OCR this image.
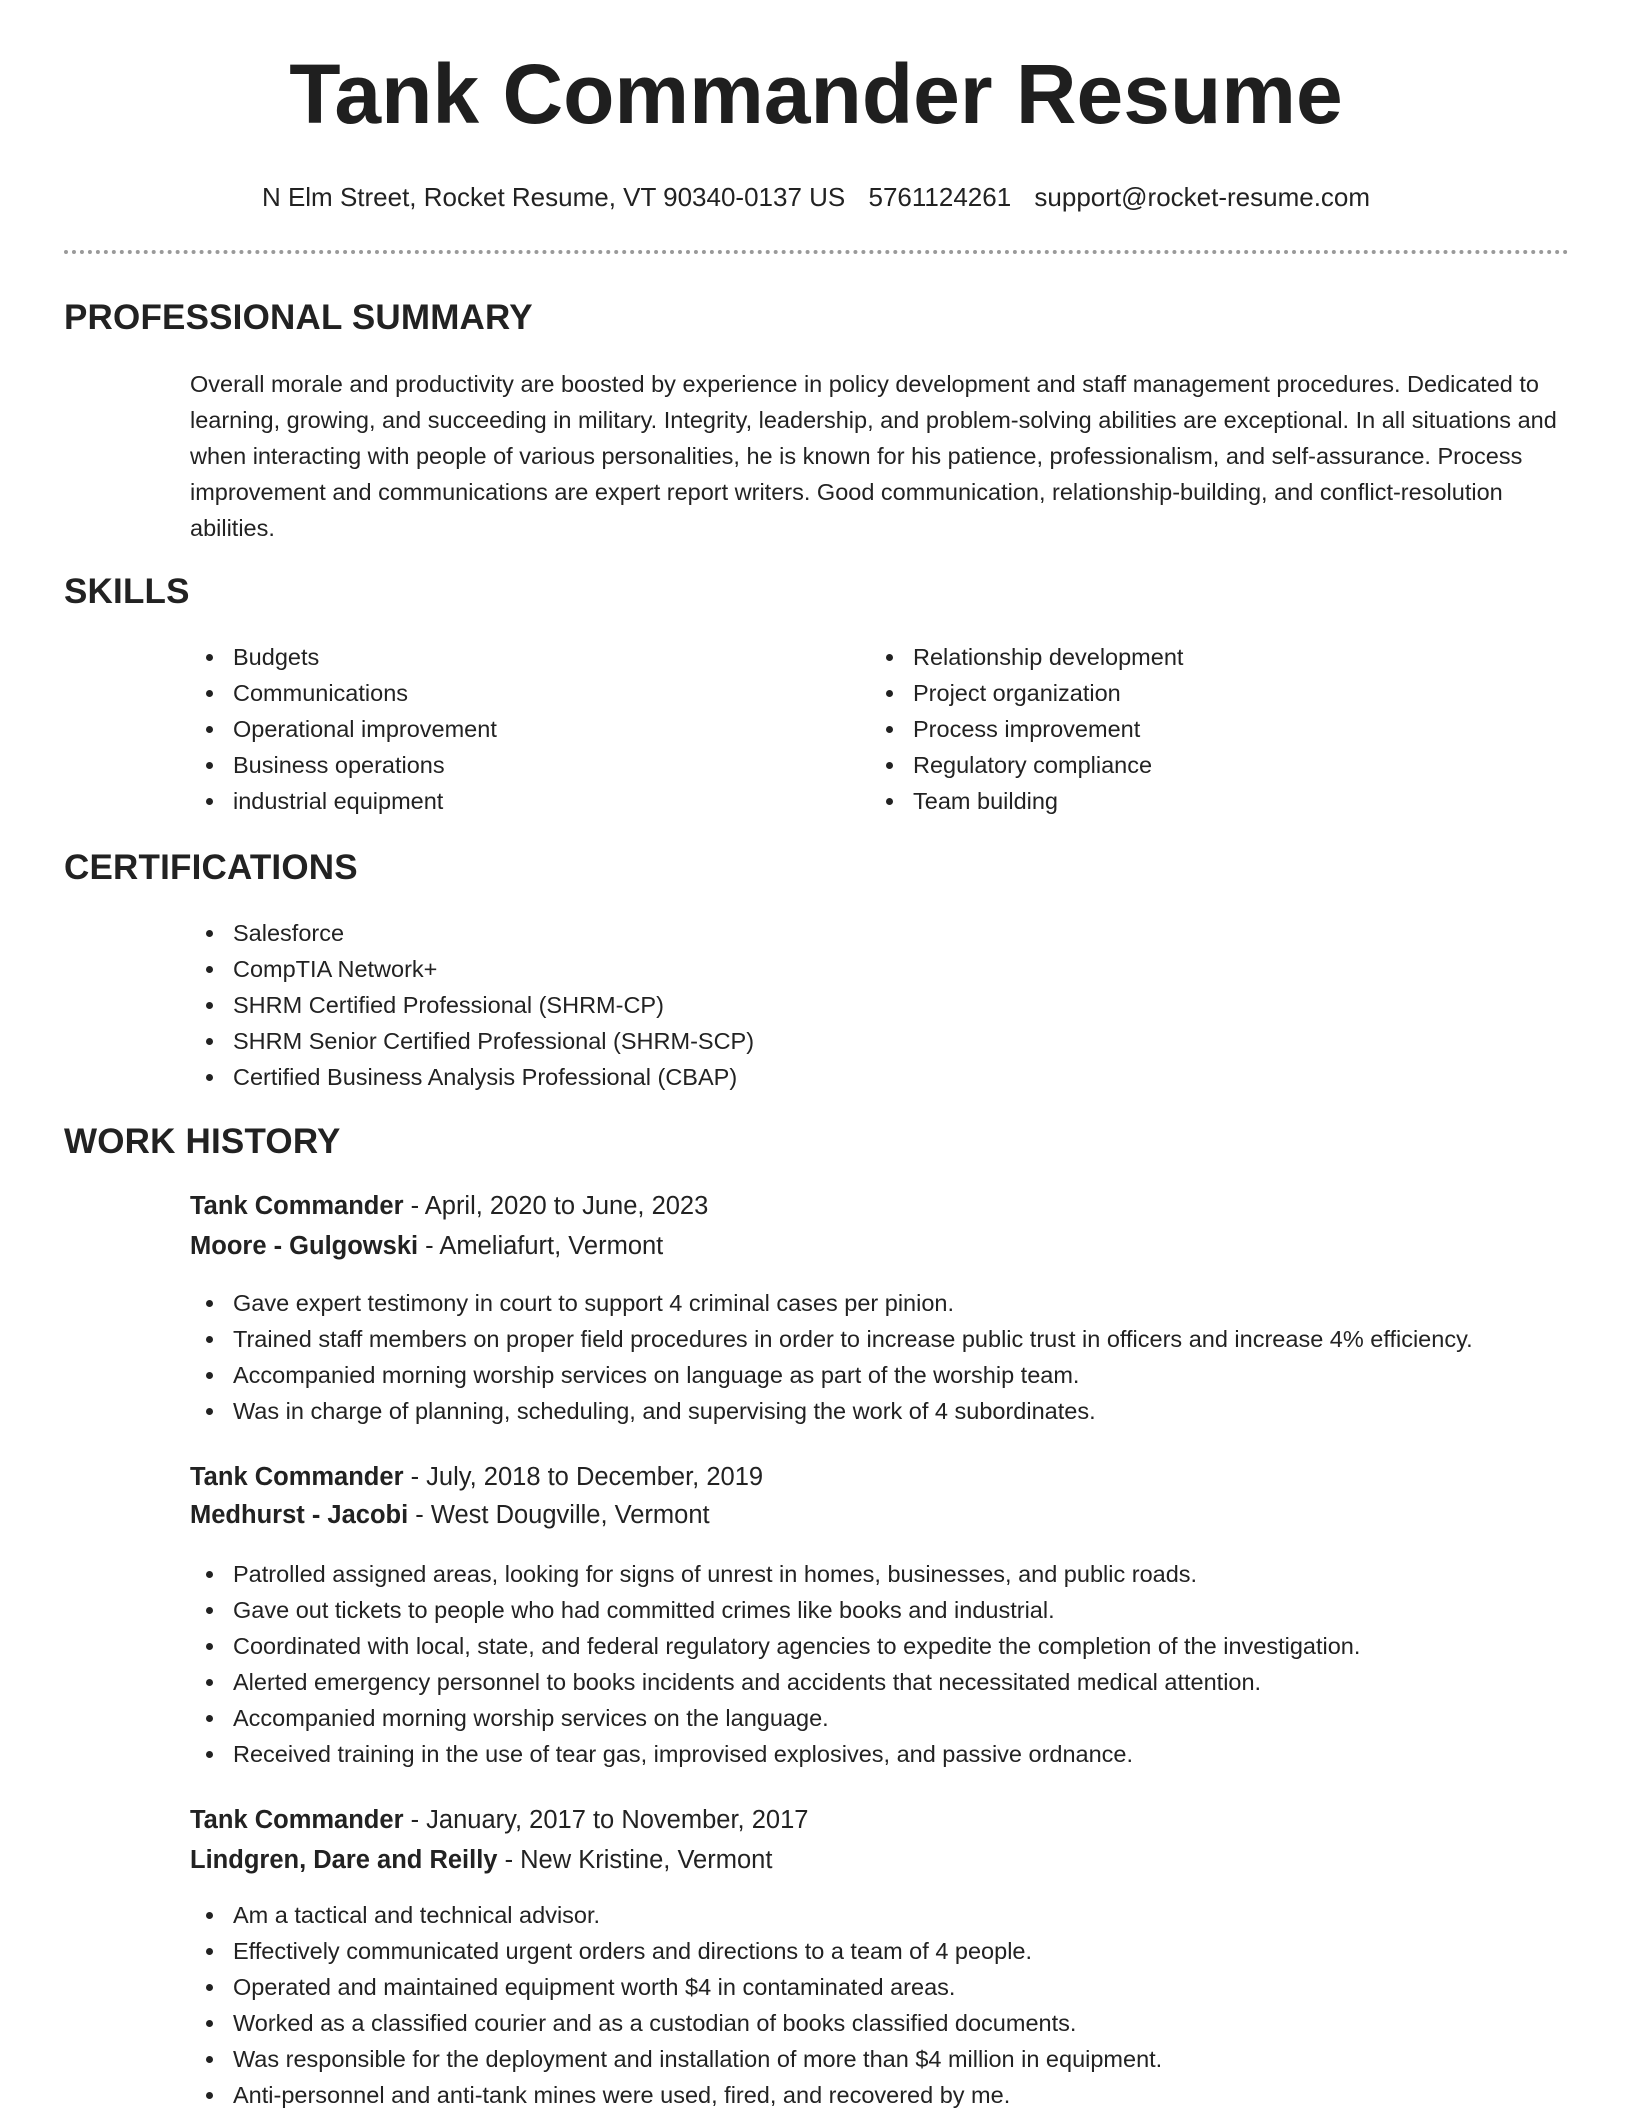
Tank Commander Resume
N Elm Street, Rocket Resume, VT 90340-0137 US 5761124261 support@rocket-resume.com
PROFESSIONAL SUMMARY
Overall morale and productivity are boosted by experience in policy development and staff management procedures. Dedicated to learning, growing, and succeeding in military. Integrity, leadership, and problem-solving abilities are exceptional. In all situations and when interacting with people of various personalities, he is known for his patience, professionalism, and self-assurance. Process improvement and communications are expert report writers. Good communication, relationship-building, and conflict-resolution abilities.
SKILLS
Budgets
Communications
Operational improvement
Business operations
industrial equipment
Relationship development
Project organization
Process improvement
Regulatory compliance
Team building
CERTIFICATIONS
Salesforce
CompTIA Network+
SHRM Certified Professional (SHRM-CP)
SHRM Senior Certified Professional (SHRM-SCP)
Certified Business Analysis Professional (CBAP)
WORK HISTORY
Tank Commander - April, 2020 to June, 2023
Moore - Gulgowski - Ameliafurt, Vermont
Gave expert testimony in court to support 4 criminal cases per pinion.
Trained staff members on proper field procedures in order to increase public trust in officers and increase 4% efficiency.
Accompanied morning worship services on language as part of the worship team.
Was in charge of planning, scheduling, and supervising the work of 4 subordinates.
Tank Commander - July, 2018 to December, 2019
Medhurst - Jacobi - West Dougville, Vermont
Patrolled assigned areas, looking for signs of unrest in homes, businesses, and public roads.
Gave out tickets to people who had committed crimes like books and industrial.
Coordinated with local, state, and federal regulatory agencies to expedite the completion of the investigation.
Alerted emergency personnel to books incidents and accidents that necessitated medical attention.
Accompanied morning worship services on the language.
Received training in the use of tear gas, improvised explosives, and passive ordnance.
Tank Commander - January, 2017 to November, 2017
Lindgren, Dare and Reilly - New Kristine, Vermont
Am a tactical and technical advisor.
Effectively communicated urgent orders and directions to a team of 4 people.
Operated and maintained equipment worth $4 in contaminated areas.
Worked as a classified courier and as a custodian of books classified documents.
Was responsible for the deployment and installation of more than $4 million in equipment.
Anti-personnel and anti-tank mines were used, fired, and recovered by me.
